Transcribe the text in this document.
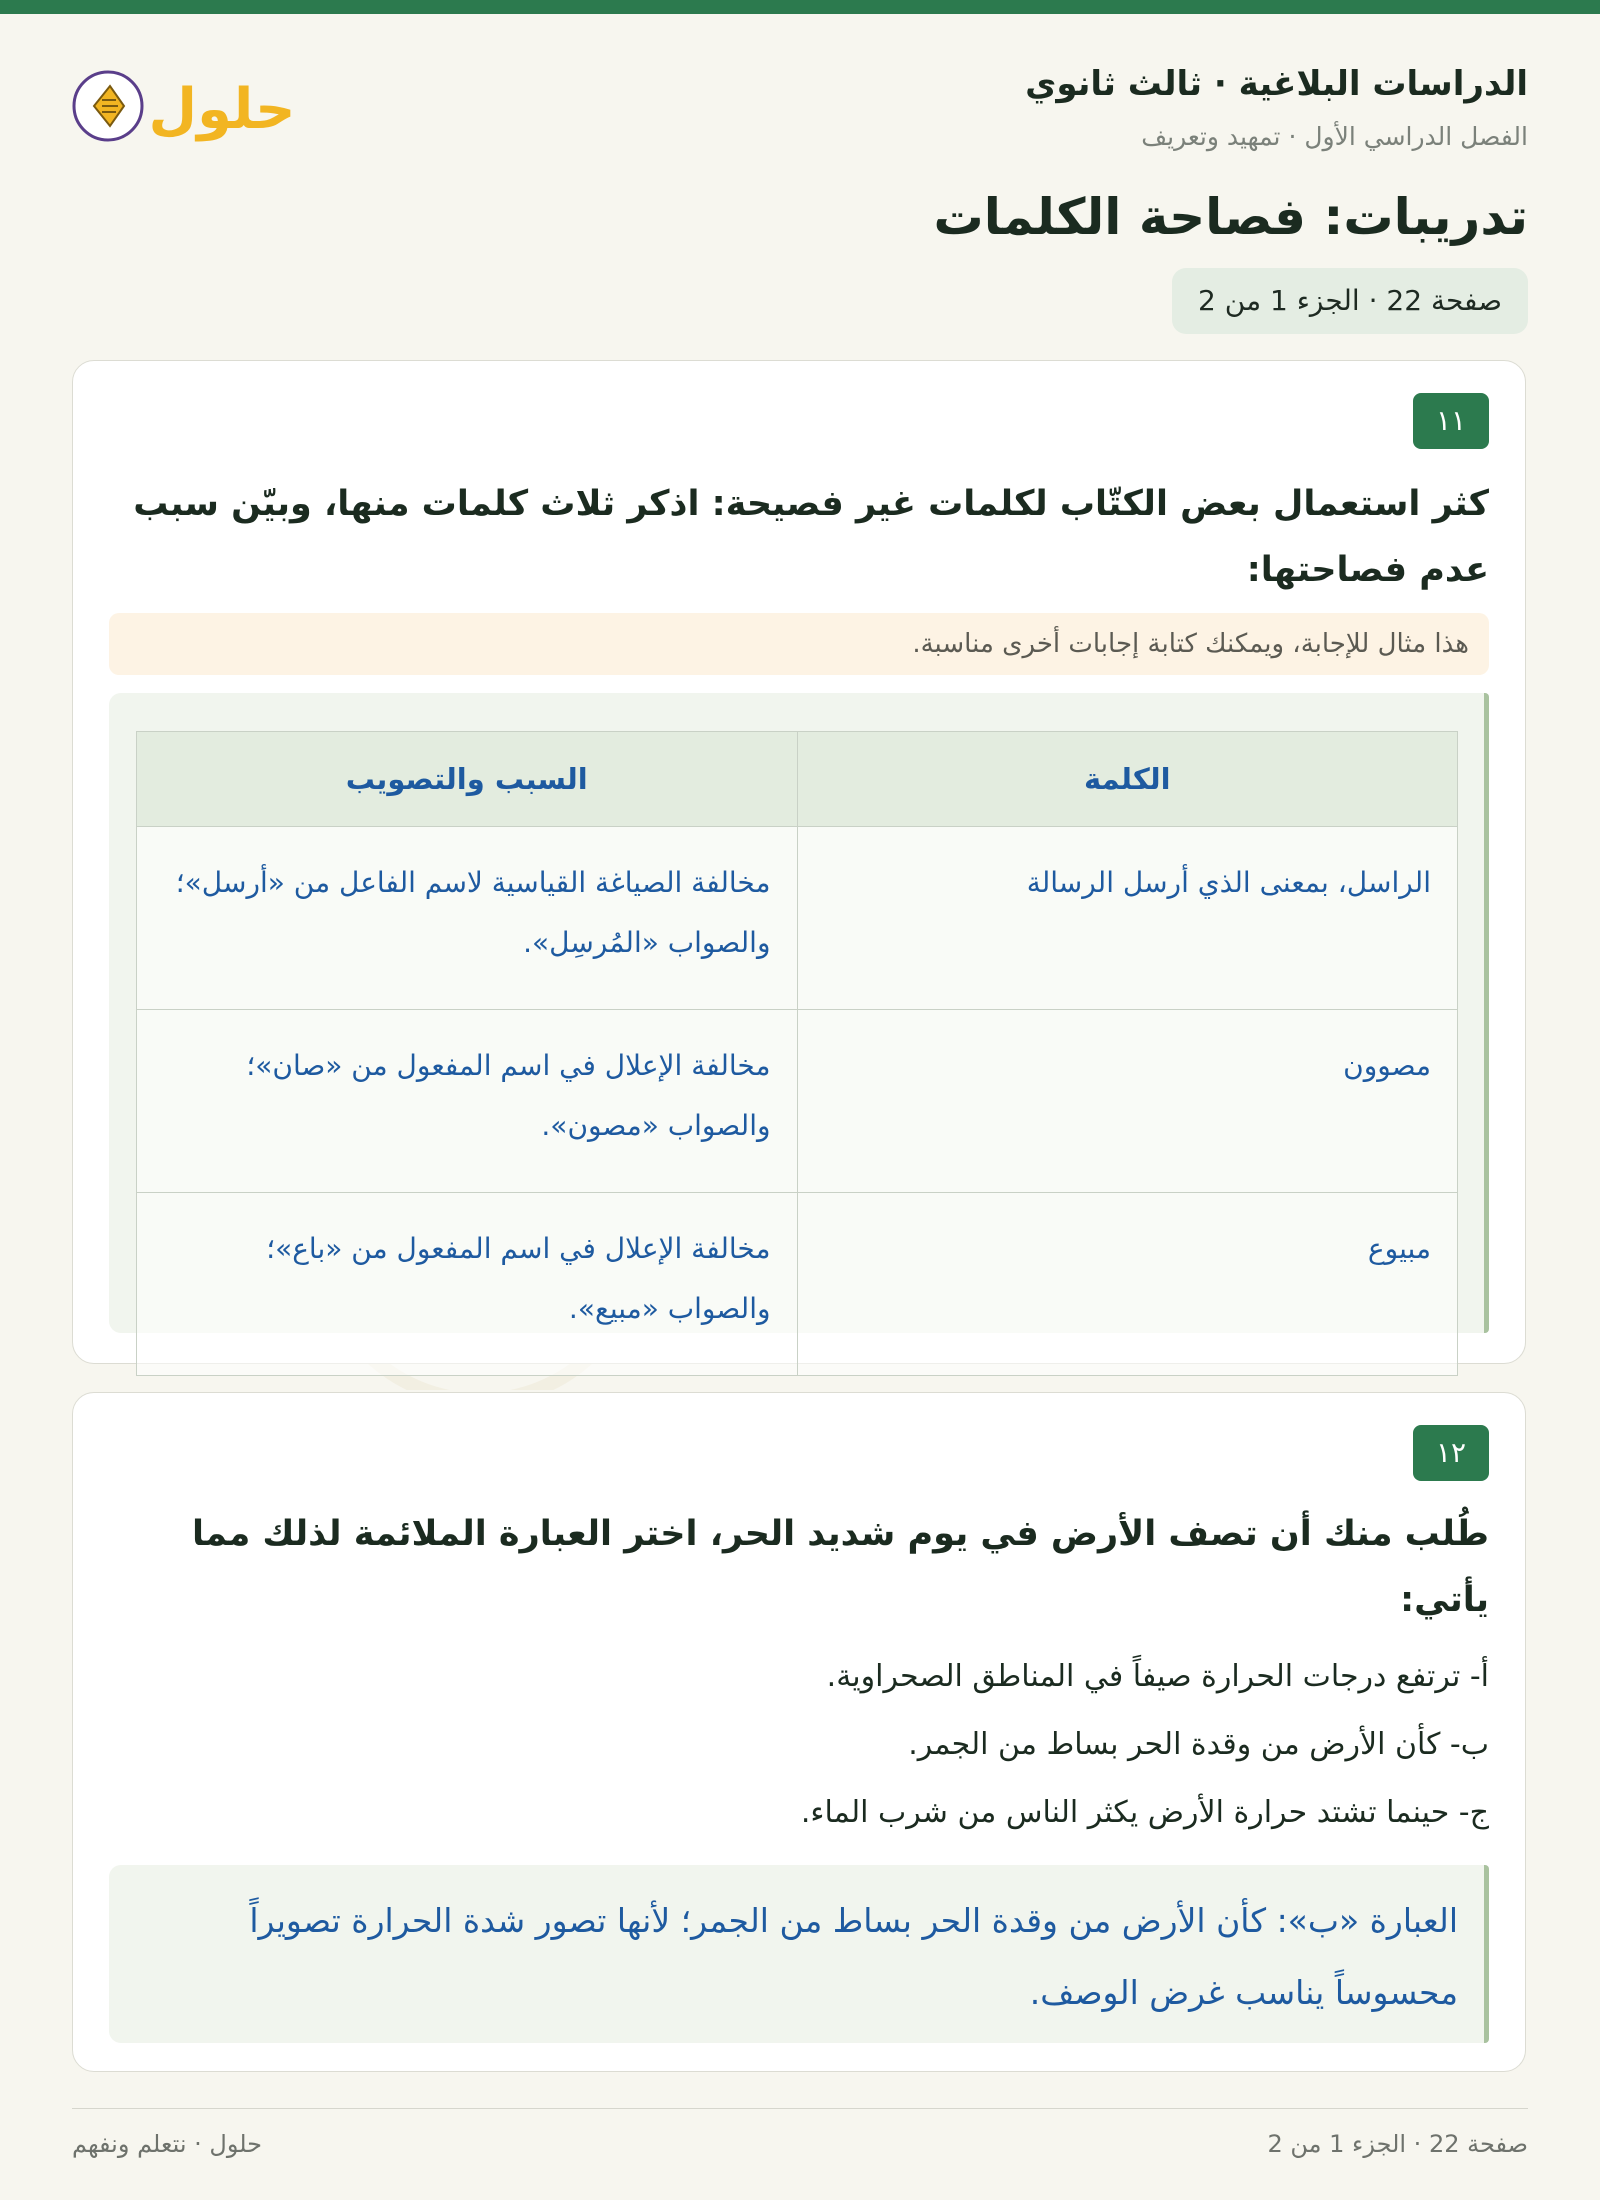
الدراسات البلاغية · ثالث ثانوي
الفصل الدراسي الأول · تمهيد وتعريف
تدريبات: فصاحة الكلمات
صفحة 22 · الجزء 1 من 2
حلول
١١
كثر استعمال بعض الكتّاب لكلمات غير فصيحة: اذكر ثلاث كلمات منها، وبيّن سبب عدم فصاحتها:
هذا مثال للإجابة، ويمكنك كتابة إجابات أخرى مناسبة.
الكلمة	السبب والتصويب
الراسل، بمعنى الذي أرسل الرسالة	مخالفة الصياغة القياسية لاسم الفاعل من «أرسل»؛ والصواب «المُرسِل».
مصوون	مخالفة الإعلال في اسم المفعول من «صان»؛ والصواب «مصون».
مبيوع	مخالفة الإعلال في اسم المفعول من «باع»؛ والصواب «مبيع».
١٢
طُلب منك أن تصف الأرض في يوم شديد الحر، اختر العبارة الملائمة لذلك مما يأتي:
أ- ترتفع درجات الحرارة صيفاً في المناطق الصحراوية.
ب- كأن الأرض من وقدة الحر بساط من الجمر.
ج- حينما تشتد حرارة الأرض يكثر الناس من شرب الماء.
العبارة «ب»: كأن الأرض من وقدة الحر بساط من الجمر؛ لأنها تصور شدة الحرارة تصويراً محسوساً يناسب غرض الوصف.
صفحة 22 · الجزء 1 من 2
حلول · نتعلم ونفهم
